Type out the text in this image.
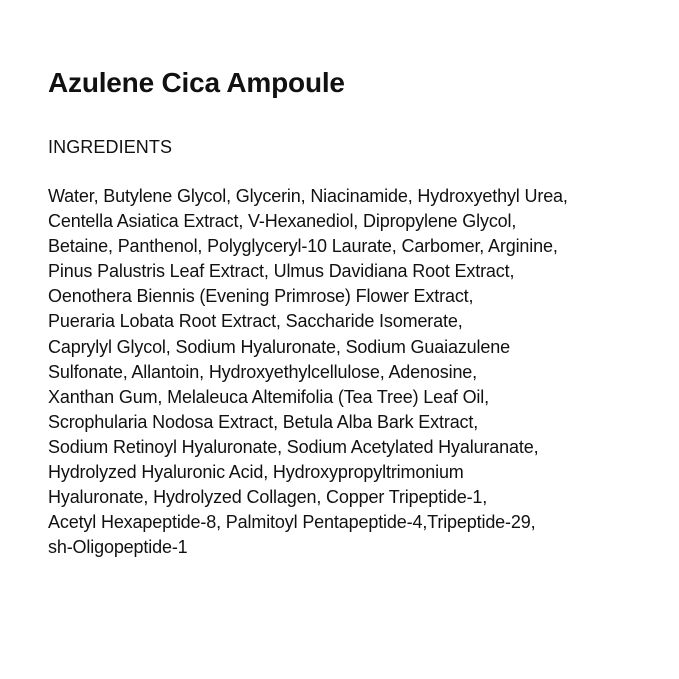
Azulene Cica Ampoule
INGREDIENTS

Water, Butylene Glycol, Glycerin, Niacinamide, Hydroxyethyl Urea,
Centella Asiatica Extract, V-Hexanediol, Dipropylene Glycol,
Betaine, Panthenol, Polyglyceryl-10 Laurate, Carbomer, Arginine,
Pinus Palustris Leaf Extract, Ulmus Davidiana Root Extract,
Oenothera Biennis (Evening Primrose) Flower Extract,
Pueraria Lobata Root Extract, Saccharide Isomerate,
Caprylyl Glycol, Sodium Hyaluronate, Sodium Guaiazulene
Sulfonate, Allantoin, Hydroxyethylcellulose, Adenosine,
Xanthan Gum, Melaleuca Altemifolia (Tea Tree) Leaf Oil,
Scrophularia Nodosa Extract, Betula Alba Bark Extract,
Sodium Retinoyl Hyaluronate, Sodium Acetylated Hyaluranate,
Hydrolyzed Hyaluronic Acid, Hydroxypropyltrimonium
Hyaluronate, Hydrolyzed Collagen, Copper Tripeptide-1,
Acetyl Hexapeptide-8, Palmitoyl Pentapeptide-4,Tripeptide-29,
sh-Oligopeptide-1
